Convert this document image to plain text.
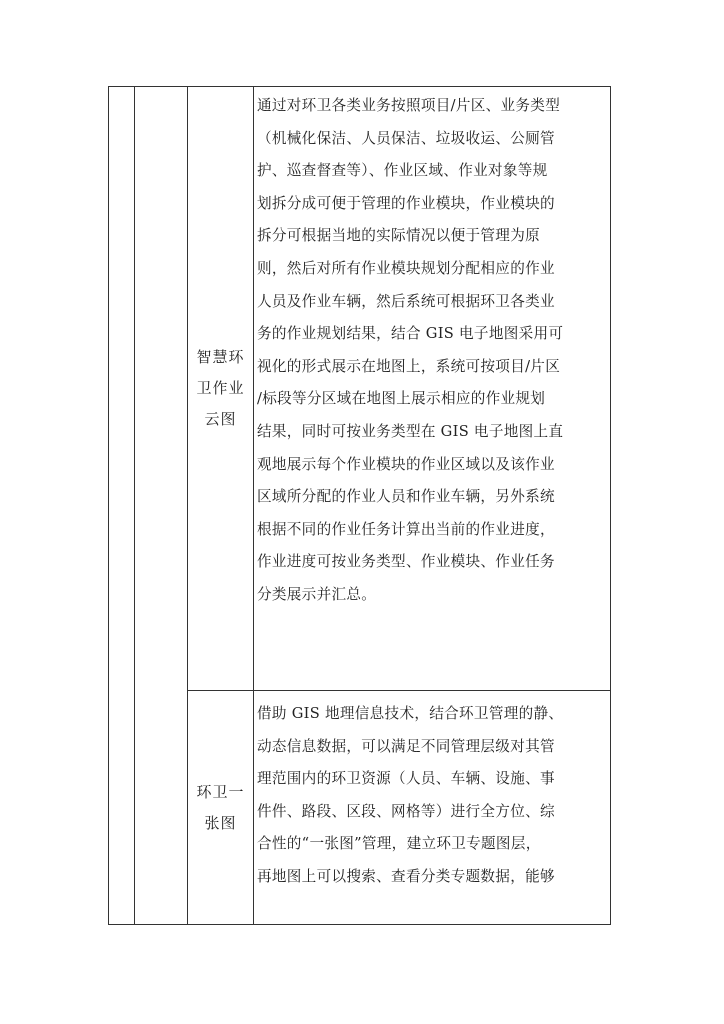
智慧环
卫作业
云图
通过对环卫各类业务按照项目/片区、业务类型
（机械化保洁、人员保洁、垃圾收运、公厕管
护、巡查督查等）、作业区域、作业对象等规
划拆分成可便于管理的作业模块，作业模块的
拆分可根据当地的实际情况以便于管理为原
则，然后对所有作业模块规划分配相应的作业
人员及作业车辆，然后系统可根据环卫各类业
务的作业规划结果，结合 GIS 电子地图采用可
视化的形式展示在地图上，系统可按项目/片区
/标段等分区域在地图上展示相应的作业规划
结果，同时可按业务类型在 GIS 电子地图上直
观地展示每个作业模块的作业区域以及该作业
区域所分配的作业人员和作业车辆，另外系统
根据不同的作业任务计算出当前的作业进度，
作业进度可按业务类型、作业模块、作业任务
分类展示并汇总。
环卫一
张图
借助 GIS 地理信息技术，结合环卫管理的静、
动态信息数据，可以满足不同管理层级对其管
理范围内的环卫资源（人员、车辆、设施、事
件件、路段、区段、网格等）进行全方位、综
合性的“一张图”管理，建立环卫专题图层，
再地图上可以搜索、查看分类专题数据，能够
